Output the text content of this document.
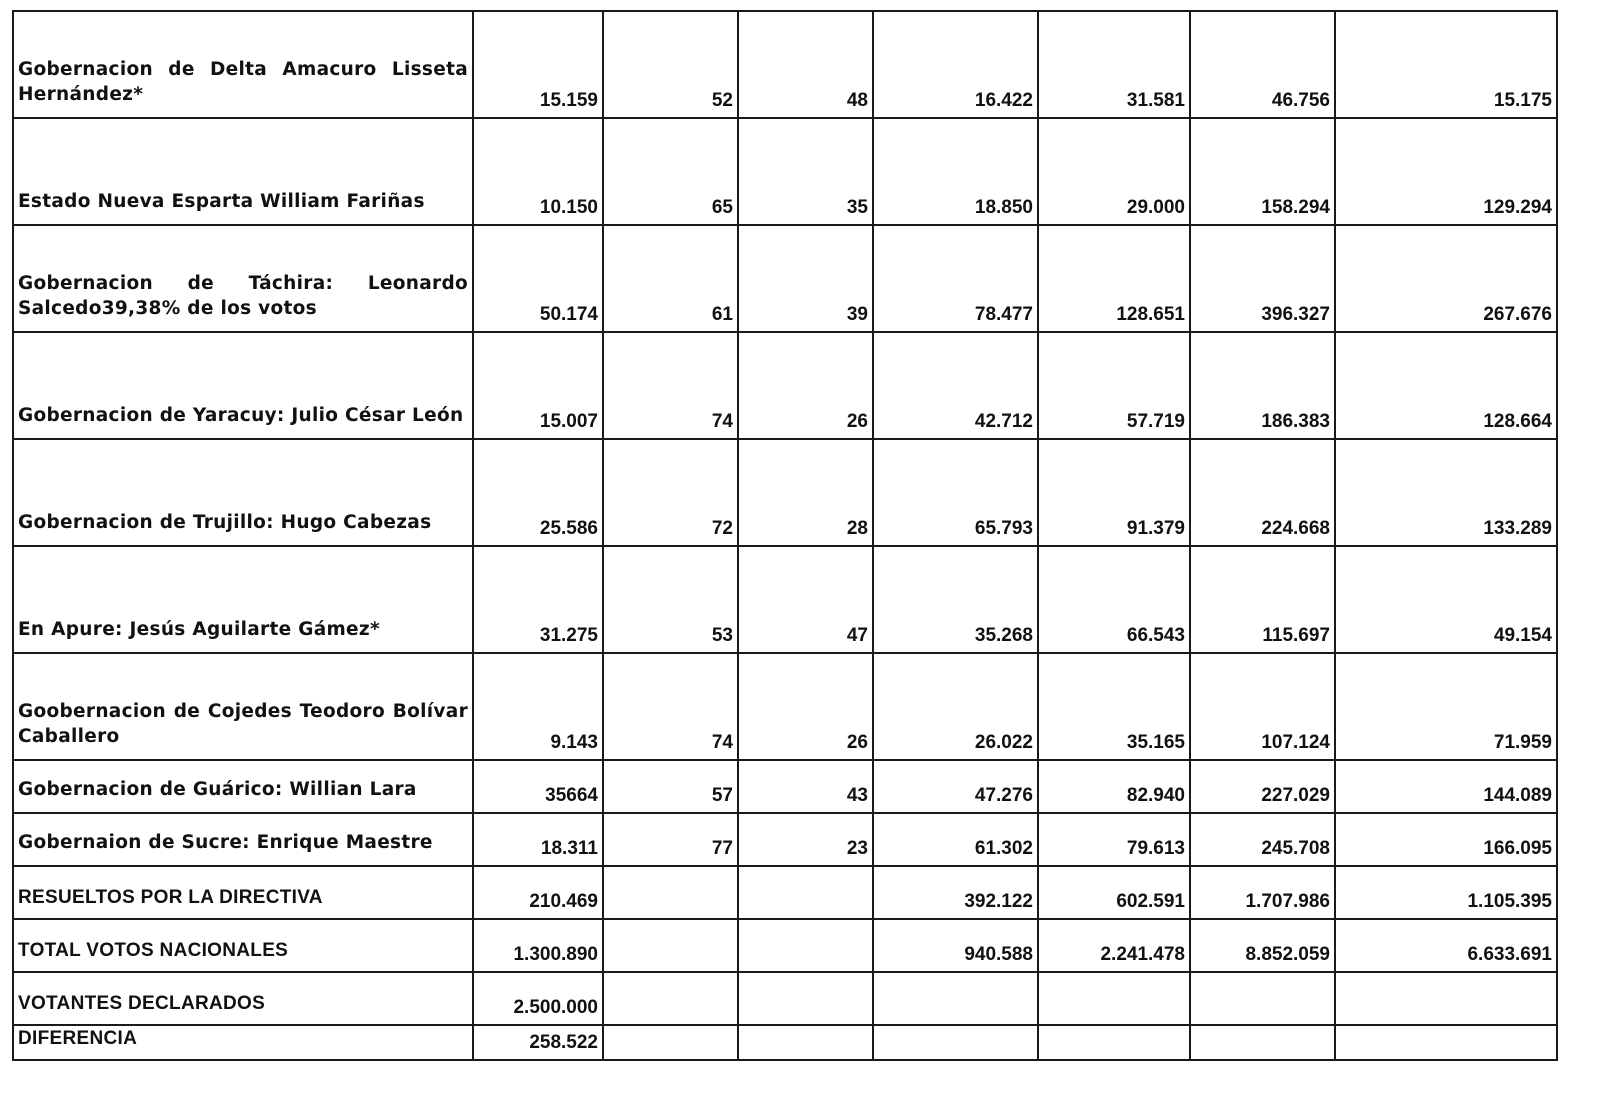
Gobernacion de Delta Amacuro Lisseta Hernández*	15.159	52	48	16.422	31.581	46.756	15.175
Estado Nueva Esparta William Fariñas	10.150	65	35	18.850	29.000	158.294	129.294
Gobernacion de Táchira: Leonardo Salcedo39,38% de los votos	50.174	61	39	78.477	128.651	396.327	267.676
Gobernacion de Yaracuy: Julio César León	15.007	74	26	42.712	57.719	186.383	128.664
Gobernacion de Trujillo: Hugo Cabezas	25.586	72	28	65.793	91.379	224.668	133.289
En Apure: Jesús Aguilarte Gámez*	31.275	53	47	35.268	66.543	115.697	49.154
Goobernacion de Cojedes Teodoro Bolívar Caballero	9.143	74	26	26.022	35.165	107.124	71.959
Gobernacion de Guárico: Willian Lara	35664	57	43	47.276	82.940	227.029	144.089
Gobernaion de Sucre: Enrique Maestre	18.311	77	23	61.302	79.613	245.708	166.095
RESUELTOS POR LA DIRECTIVA	210.469			392.122	602.591	1.707.986	1.105.395
TOTAL VOTOS NACIONALES	1.300.890			940.588	2.241.478	8.852.059	6.633.691
VOTANTES DECLARADOS	2.500.000						
DIFERENCIA	258.522						
